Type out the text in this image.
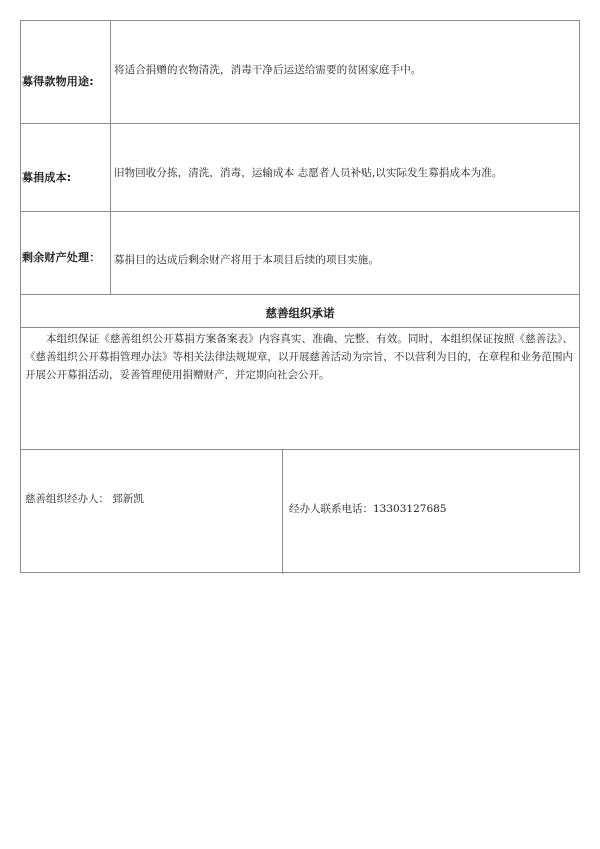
募得款物用途:
将适合捐赠的衣物清洗，消毒干净后运送给需要的贫困家庭手中。
募捐成本:	旧物回收分拣，清洗，消毒，运输成本 志愿者人员补贴,以实际发生募捐成本为准。
剩余财产处理： 募捐目的达成后剩余财产将用于本项目后续的项目实施。
慈善组织承诺
本组织保证《慈善组织公开募捐方案备案表》内容真实、准确、完整、有效。同时，本组织保证按照《慈善法》、《慈善组织公开募捐管理办法》等相关法律法规规章，以开展慈善活动为宗旨，不以营利为目的，在章程和业务范围内开展公开募捐活动，妥善管理使用捐赠财产，并定期向社会公开。
慈善组织经办人： 郅新凯
经办人联系电话：13303127685
